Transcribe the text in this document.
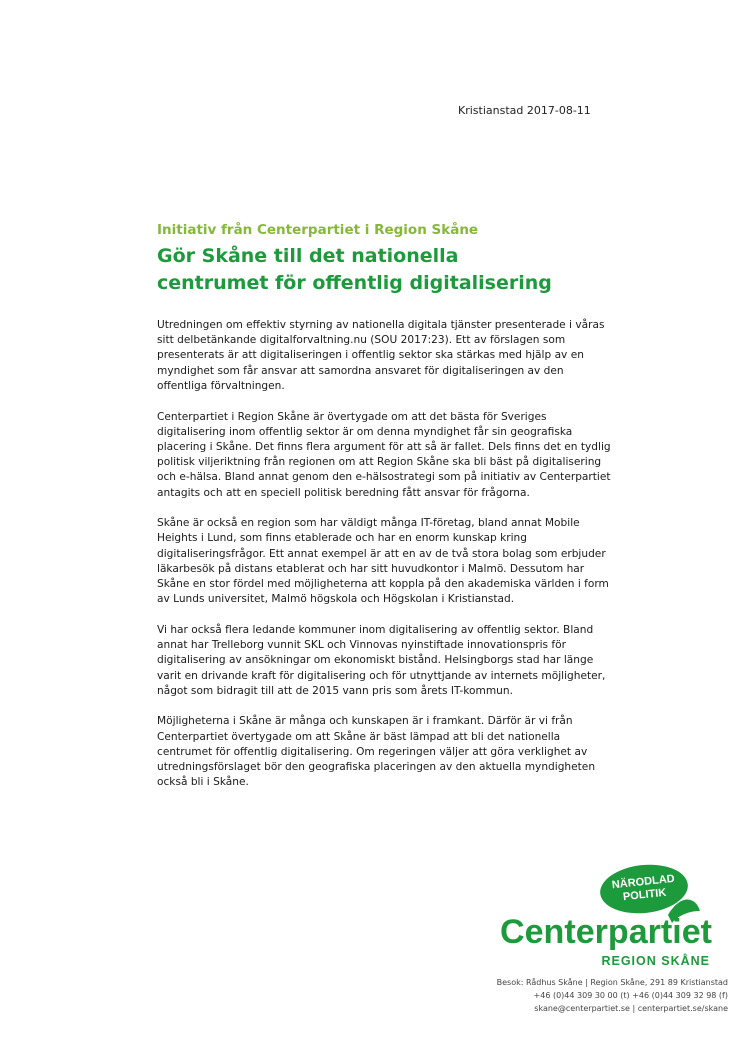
Kristianstad 2017-08-11
Initiativ från Centerpartiet i Region Skåne
Gör Skåne till det nationella
centrumet för offentlig digitalisering

Utredningen om effektiv styrning av nationella digitala tjänster presenterade i våras sitt delbetänkande digitalforvaltning.nu (SOU 2017:23). Ett av förslagen som presenterats är att digitaliseringen i offentlig sektor ska stärkas med hjälp av en myndighet som får ansvar att samordna ansvaret för digitaliseringen av den offentliga förvaltningen.

Centerpartiet i Region Skåne är övertygade om att det bästa för Sveriges digitalisering inom offentlig sektor är om denna myndighet får sin geografiska placering i Skåne. Det finns flera argument för att så är fallet. Dels finns det en tydlig politisk viljeriktning från regionen om att Region Skåne ska bli bäst på digitalisering och e-hälsa. Bland annat genom den e-hälsostrategi som på initiativ av Centerpartiet antagits och att en speciell politisk beredning fått ansvar för frågorna.

Skåne är också en region som har väldigt många IT-företag, bland annat Mobile Heights i Lund, som finns etablerade och har en enorm kunskap kring digitaliseringsfrågor. Ett annat exempel är att en av de två stora bolag som erbjuder läkarbesök på distans etablerat och har sitt huvudkontor i Malmö. Dessutom har Skåne en stor fördel med möjligheterna att koppla på den akademiska världen i form av Lunds universitet, Malmö högskola och Högskolan i Kristianstad.

Vi har också flera ledande kommuner inom digitalisering av offentlig sektor. Bland annat har Trelleborg vunnit SKL och Vinnovas nyinstiftade innovationspris för digitalisering av ansökningar om ekonomiskt bistånd. Helsingborgs stad har länge varit en drivande kraft för digitalisering och för utnyttjande av internets möjligheter, något som bidragit till att de 2015 vann pris som årets IT-kommun.

Möjligheterna i Skåne är många och kunskapen är i framkant. Därför är vi från Centerpartiet övertygade om att Skåne är bäst lämpad att bli det nationella centrumet för offentlig digitalisering. Om regeringen väljer att göra verklighet av utredningsförslaget bör den geografiska placeringen av den aktuella myndigheten också bli i Skåne.

NÄRODLAD
POLITIK
Centerpartiet
REGION SKÅNE
Besok: Rådhus Skåne | Region Skåne, 291 89 Kristianstad
+46 (0)44 309 30 00 (t) +46 (0)44 309 32 98 (f)
skane@centerpartiet.se | centerpartiet.se/skane
